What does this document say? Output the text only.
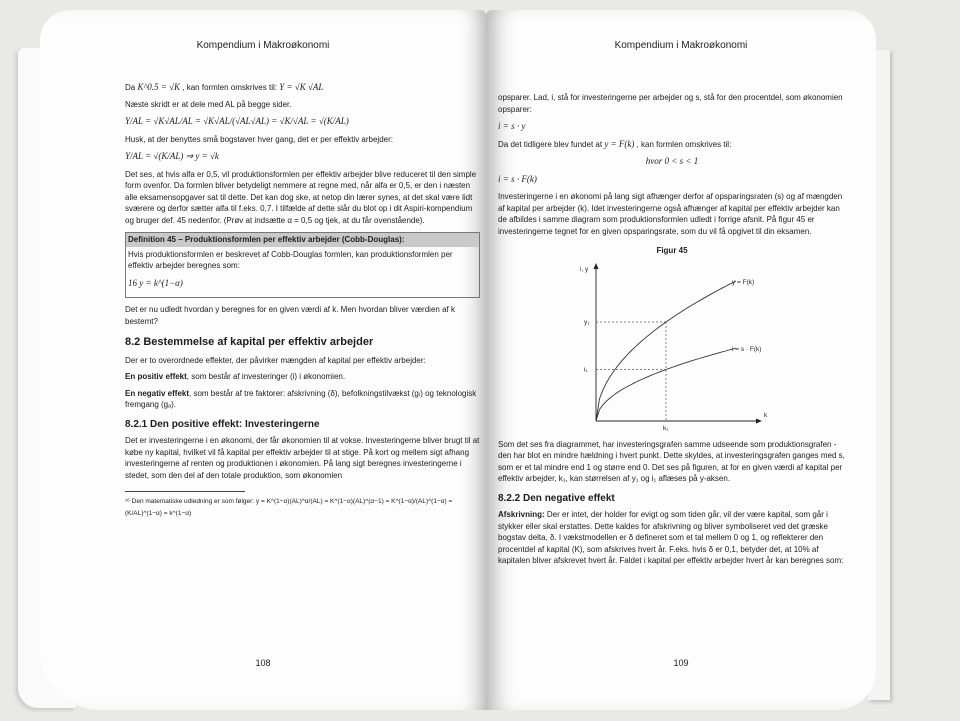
Kompendium i Makroøkonomi

Da K^0.5 = √K , kan formlen omskrives til: Y = √K √AL

Næste skridt er at dele med AL på begge sider.

Y/AL = √K√AL/AL = √K√AL/(√AL√AL) = √K/√AL = √(K/AL)

Husk, at der benyttes små bogstaver hver gang, det er per effektiv arbejder:

Y/AL = √(K/AL) ⇒ y = √k

Det ses, at hvis alfa er 0,5, vil produktionsformlen per effektiv arbejder blive reduceret til den simple form ovenfor. Da formlen bliver betydeligt nemmere at regne med, når alfa er 0,5, er den i næsten alle eksamensopgaver sat til dette. Det kan dog ske, at netop din lærer synes, at det skal være lidt sværere og derfor sætter alfa til f.eks. 0,7. I tilfælde af dette slår du blot op i dit Aspiri-kompendium og bruger def. 45 nedenfor. (Prøv at indsætte α = 0,5 og tjek, at du får ovenstående).

Definition 45 – Produktionsformlen per effektiv arbejder (Cobb-Douglas):
Hvis produktionsformlen er beskrevet af Cobb-Douglas formlen, kan produktionsformlen per effektiv arbejder beregnes som:
16 y = k^(1−α)

Det er nu udledt hvordan y beregnes for en given værdi af k. Men hvordan bliver værdien af k bestemt?

8.2 Bestemmelse af kapital per effektiv arbejder

Der er to overordnede effekter, der påvirker mængden af kapital per effektiv arbejder:

En positiv effekt, som består af investeringer (i) i økonomien.

En negativ effekt, som består af tre faktorer: afskrivning (δ), befolkningstilvækst (gₗ) og teknologisk fremgang (gₐ).

8.2.1 Den positive effekt: Investeringerne

Det er investeringerne i en økonomi, der får økonomien til at vokse. Investeringerne bliver brugt til at købe ny kapital, hvilket vil få kapital per effektiv arbejder til at stige. På kort og mellem sigt afhang investeringerne af renten og produktionen i økonomien. På lang sigt beregnes investeringerne i stedet, som den del af den totale produktion, som økonomien

¹⁶ Den matematiske udledning er som følger: y = K^(1−α)(AL)^α/(AL) = K^(1−α)(AL)^(α−1) = K^(1−α)/(AL)^(1−α) = (K/AL)^(1−α) = k^(1−α)
108
Kompendium i Makroøkonomi

opsparer. Lad, i, stå for investeringerne per arbejder og s, stå for den procentdel, som økonomien opsparer:

i = s · y

Da det tidligere blev fundet at y = F(k) , kan formlen omskrives til:

hvor 0 < s < 1
i = s · F(k)

Investeringerne i en økonomi på lang sigt afhænger derfor af opsparingsraten (s) og af mængden af kapital per arbejder (k). Idet investeringerne også afhænger af kapital per effektiv arbejder kan de afbildes i samme diagram som produktionsformlen udledt i forrige afsnit. På figur 45 er investeringerne tegnet for en given opsparingsrate, som du vil få opgivet til din eksamen.

Figur 45
i, y
k
y = F(k)
i = s · F(k)
k₁
y₁
i₁

Som det ses fra diagrammet, har investeringsgrafen samme udseende som produktionsgrafen - den har blot en mindre hældning i hvert punkt. Dette skyldes, at investeringsgrafen ganges med s, som er et tal mindre end 1 og større end 0. Det ses på figuren, at for en given værdi af kapital per effektiv arbejder, k₁, kan størrelsen af y₁ og i₁ aflæses på y-aksen.

8.2.2 Den negative effekt

Afskrivning: Der er intet, der holder for evigt og som tiden går, vil der være kapital, som går i stykker eller skal erstattes. Dette kaldes for afskrivning og bliver symboliseret ved det græske bogstav delta, δ. I vækstmodellen er δ defineret som et tal mellem 0 og 1, og reflekterer den procentdel af kapital (K), som afskrives hvert år. F.eks. hvis δ er 0,1, betyder det, at 10% af kapitalen bliver afskrevet hvert år. Faldet i kapital per effektiv arbejder hvert år kan beregnes som:

109
